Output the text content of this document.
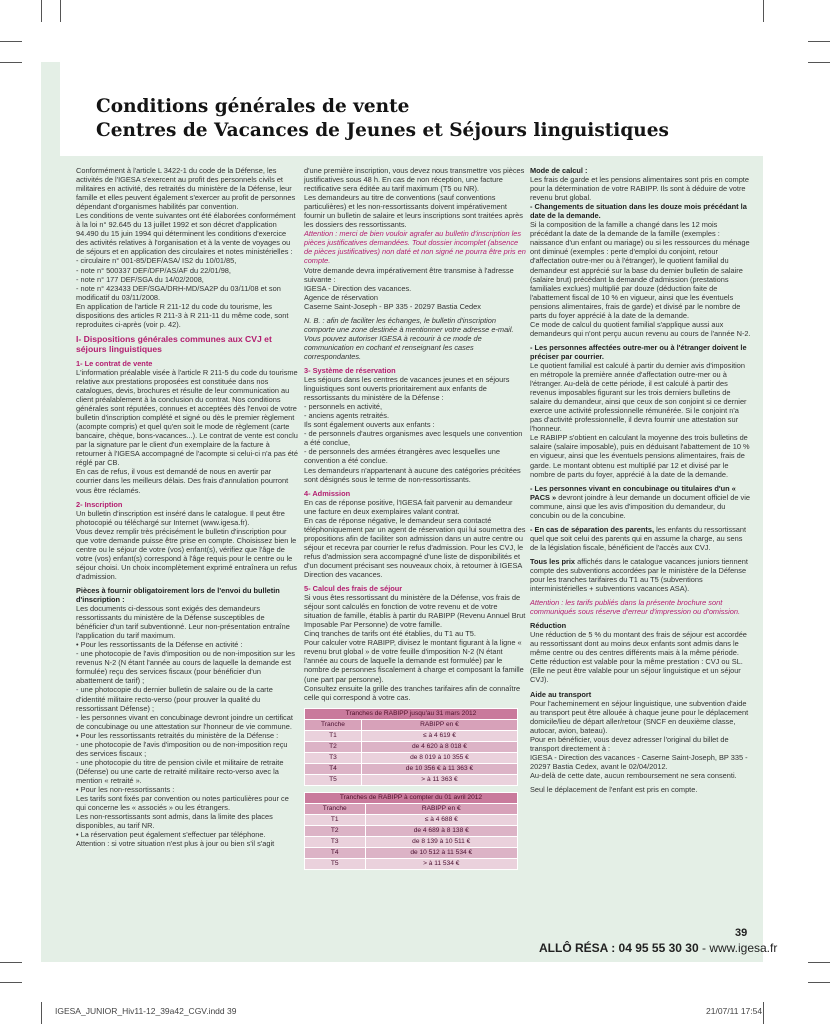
Conditions générales de vente
Centres de Vacances de Jeunes et Séjours linguistiques

Conformément à l'article L 3422-1 du code de la Défense, les activités de l'IGESA s'exercent au profit des personnels civils et militaires en activité, des retraités du ministère de la Défense, leur famille et elles peuvent également s'exercer au profit de personnes dépendant d'organismes habilités par convention.

Les conditions de vente suivantes ont été élaborées conformément à la loi n° 92.645 du 13 juillet 1992 et son décret d'application 94.490 du 15 juin 1994 qui déterminent les conditions d'exercice des activités relatives à l'organisation et à la vente de voyages ou de séjours et en application des circulaires et notes ministérielles :

- circulaire n° 001-85/DEF/ASA/ IS2 du 10/01/85,

- note n° 500337 DEF/DFP/AS/AF du 22/01/98,

- note n° 177 DEF/SGA du 14/02/2008,

- note n° 423433 DEF/SGA/DRH-MD/SA2P du 03/11/08 et son modificatif du 03/11/2008.

En application de l'article R 211-12 du code du tourisme, les dispositions des articles R 211-3 à R 211-11 du même code, sont reproduites ci-après (voir p. 42).

I- Dispositions générales communes aux CVJ et séjours linguistiques

1- Le contrat de vente

L'information préalable visée à l'article R 211-5 du code du tourisme relative aux prestations proposées est constituée dans nos catalogues, devis, brochures et résulte de leur communication au client préalablement à la conclusion du contrat. Nos conditions générales sont réputées, connues et acceptées dès l'envoi de votre bulletin d'inscription complété et signé ou dès le premier règlement (acompte compris) et quel qu'en soit le mode de règlement (carte bancaire, chèque, bons-vacances...). Le contrat de vente est conclu par la signature par le client d'un exemplaire de la facture à retourner à l'IGESA accompagné de l'acompte si celui-ci n'a pas été réglé par CB.

En cas de refus, il vous est demandé de nous en avertir par courrier dans les meilleurs délais. Des frais d'annulation pourront vous être réclamés.

2- Inscription

Un bulletin d'inscription est inséré dans le catalogue. Il peut être photocopié ou téléchargé sur Internet (www.igesa.fr).

Vous devez remplir très précisément le bulletin d'inscription pour que votre demande puisse être prise en compte. Choisissez bien le centre ou le séjour de votre (vos) enfant(s), vérifiez que l'âge de votre (vos) enfant(s) correspond à l'âge requis pour le centre ou le séjour choisi. Un choix incomplètement exprimé entraînera un refus d'admission.

Pièces à fournir obligatoirement lors de l'envoi du bulletin d'inscription :

Les documents ci-dessous sont exigés des demandeurs ressortissants du ministère de la Défense susceptibles de bénéficier d'un tarif subventionné. Leur non-présentation entraîne l'application du tarif maximum.

• Pour les ressortissants de la Défense en activité :

- une photocopie de l'avis d'imposition ou de non-imposition sur les revenus N-2 (N étant l'année au cours de laquelle la demande est formulée) reçu des services fiscaux (pour bénéficier d'un abattement de tarif) ;

- une photocopie du dernier bulletin de salaire ou de la carte d'identité militaire recto-verso (pour prouver la qualité du ressortissant Défense) ;

- les personnes vivant en concubinage devront joindre un certificat de concubinage ou une attestation sur l'honneur de vie commune.

• Pour les ressortissants retraités du ministère de la Défense :

- une photocopie de l'avis d'imposition ou de non-imposition reçu des services fiscaux ;

- une photocopie du titre de pension civile et militaire de retraite (Défense) ou une carte de retraité militaire recto-verso avec la mention « retraité ».

• Pour les non-ressortissants :

Les tarifs sont fixés par convention ou notes particulières pour ce qui concerne les « associés » ou les étrangers.

Les non-ressortissants sont admis, dans la limite des places disponibles, au tarif NR.

• La réservation peut également s'effectuer par téléphone.

Attention : si votre situation n'est plus à jour ou bien s'il s'agit

d'une première inscription, vous devez nous transmettre vos pièces justificatives sous 48 h. En cas de non réception, une facture rectificative sera éditée au tarif maximum (T5 ou NR).

Les demandeurs au titre de conventions (sauf conventions particulières) et les non-ressortissants doivent impérativement fournir un bulletin de salaire et leurs inscriptions sont traitées après les dossiers des ressortissants.

Attention : merci de bien vouloir agrafer au bulletin d'inscription les pièces justificatives demandées. Tout dossier incomplet (absence de pièces justificatives) non daté et non signé ne pourra être pris en compte.

Votre demande devra impérativement être transmise à l'adresse suivante :

IGESA - Direction des vacances.

Agence de réservation

Caserne Saint-Joseph - BP 335 - 20297 Bastia Cedex

N. B. : afin de faciliter les échanges, le bulletin d'inscription comporte une zone destinée à mentionner votre adresse e-mail. Vous pouvez autoriser IGESA à recourir à ce mode de communication en cochant et renseignant les cases correspondantes.

3- Système de réservation

Les séjours dans les centres de vacances jeunes et en séjours linguistiques sont ouverts prioritairement aux enfants de ressortissants du ministère de la Défense :

- personnels en activité,

- anciens agents retraités.

Ils sont également ouverts aux enfants :

- de personnels d'autres organismes avec lesquels une convention a été conclue,

- de personnels des armées étrangères avec lesquelles une convention a été conclue.

Les demandeurs n'appartenant à aucune des catégories précitées sont désignés sous le terme de non-ressortissants.

4- Admission

En cas de réponse positive, l'IGESA fait parvenir au demandeur une facture en deux exemplaires valant contrat.

En cas de réponse négative, le demandeur sera contacté téléphoniquement par un agent de réservation qui lui soumettra des propositions afin de faciliter son admission dans un autre centre ou séjour et recevra par courrier le refus d'admission. Pour les CVJ, le refus d'admission sera accompagné d'une liste de disponibilités et d'un document précisant ses nouveaux choix, à retourner à IGESA Direction des vacances.

5- Calcul des frais de séjour

Si vous êtes ressortissant du ministère de la Défense, vos frais de séjour sont calculés en fonction de votre revenu et de votre situation de famille, établis à partir du RABIPP (Revenu Annuel Brut Imposable Par Personne) de votre famille.

Cinq tranches de tarifs ont été établies, du T1 au T5.

Pour calculer votre RABIPP, divisez le montant figurant à la ligne « revenu brut global » de votre feuille d'imposition N-2 (N étant l'année au cours de laquelle la demande est formulée) par le nombre de personnes fiscalement à charge et composant la famille (une part par personne).

Consultez ensuite la grille des tranches tarifaires afin de connaître celle qui correspond à votre cas.

Tranches de RABIPP jusqu'au 31 mars 2012	
Tranche	RABIPP en €
T1	≤ à 4 619 €
T2	de 4 620 à 8 018 €
T3	de 8 019 à 10 355 €
T4	de 10 356 € à 11 363 €
T5	> à 11 363 €
Tranches de RABIPP à compter du 01 avril 2012	
Tranche	RABIPP en €
T1	≤ à 4 688 €
T2	de 4 689 à 8 138 €
T3	de 8 139 à 10 511 €
T4	de 10 512 à 11 534 €
T5	> à 11 534 €

Mode de calcul :

Les frais de garde et les pensions alimentaires sont pris en compte pour la détermination de votre RABIPP. Ils sont à déduire de votre revenu brut global.

- Changements de situation dans les douze mois précédant la date de la demande.

Si la composition de la famille a changé dans les 12 mois précédant la date de la demande de la famille (exemples : naissance d'un enfant ou mariage) ou si les ressources du ménage ont diminué (exemples : perte d'emploi du conjoint, retour d'affectation outre-mer ou à l'étranger), le quotient familial du demandeur est apprécié sur la base du dernier bulletin de salaire (salaire brut) précédant la demande d'admission (prestations familiales exclues) multiplié par douze (déduction faite de l'abattement fiscal de 10 % en vigueur, ainsi que les éventuels pensions alimentaires, frais de garde) et divisé par le nombre de parts du foyer apprécié à la date de la demande.

Ce mode de calcul du quotient familial s'applique aussi aux demandeurs qui n'ont perçu aucun revenu au cours de l'année N-2.

- Les personnes affectées outre-mer ou à l'étranger doivent le préciser par courrier.

Le quotient familial est calculé à partir du dernier avis d'imposition en métropole la première année d'affectation outre-mer ou à l'étranger. Au-delà de cette période, il est calculé à partir des revenus imposables figurant sur les trois derniers bulletins de salaire du demandeur, ainsi que ceux de son conjoint si ce dernier exerce une activité professionnelle rémunérée. Si le conjoint n'a pas d'activité professionnelle, il devra fournir une attestation sur l'honneur.

Le RABIPP s'obtient en calculant la moyenne des trois bulletins de salaire (salaire imposable), puis en déduisant l'abattement de 10 % en vigueur, ainsi que les éventuels pensions alimentaires, frais de garde. Le montant obtenu est multiplié par 12 et divisé par le nombre de parts du foyer, apprécié à la date de la demande.

- Les personnes vivant en concubinage ou titulaires d'un « PACS » devront joindre à leur demande un document officiel de vie commune, ainsi que les avis d'imposition du demandeur, du concubin ou de la concubine.

- En cas de séparation des parents, les enfants du ressortissant quel que soit celui des parents qui en assume la charge, au sens de la législation fiscale, bénéficient de l'accès aux CVJ.

Tous les prix affichés dans le catalogue vacances juniors tiennent compte des subventions accordées par le ministère de la Défense pour les tranches tarifaires du T1 au T5 (subventions interministérielles + subventions vacances ASA).

Attention : les tarifs publiés dans la présente brochure sont communiqués sous réserve d'erreur d'impression ou d'omission.

Réduction

Une réduction de 5 % du montant des frais de séjour est accordée au ressortissant dont au moins deux enfants sont admis dans le même centre ou des centres différents mais à la même période. Cette réduction est valable pour la même prestation : CVJ ou SL. (Elle ne peut être valable pour un séjour linguistique et un séjour CVJ).

Aide au transport

Pour l'acheminement en séjour linguistique, une subvention d'aide au transport peut être allouée à chaque jeune pour le déplacement domicile/lieu de départ aller/retour (SNCF en deuxième classe, autocar, avion, bateau).

Pour en bénéficier, vous devez adresser l'original du billet de transport directement à :

IGESA - Direction des vacances - Caserne Saint-Joseph, BP 335 - 20297 Bastia Cedex, avant le 02/04/2012.

Au-delà de cette date, aucun remboursement ne sera consenti.

Seul le déplacement de l'enfant est pris en compte.

39
ALLÔ RÉSA : 04 95 55 30 30 - www.igesa.fr
IGESA_JUNIOR_Hiv11-12_39a42_CGV.indd 39	21/07/11 17:54
